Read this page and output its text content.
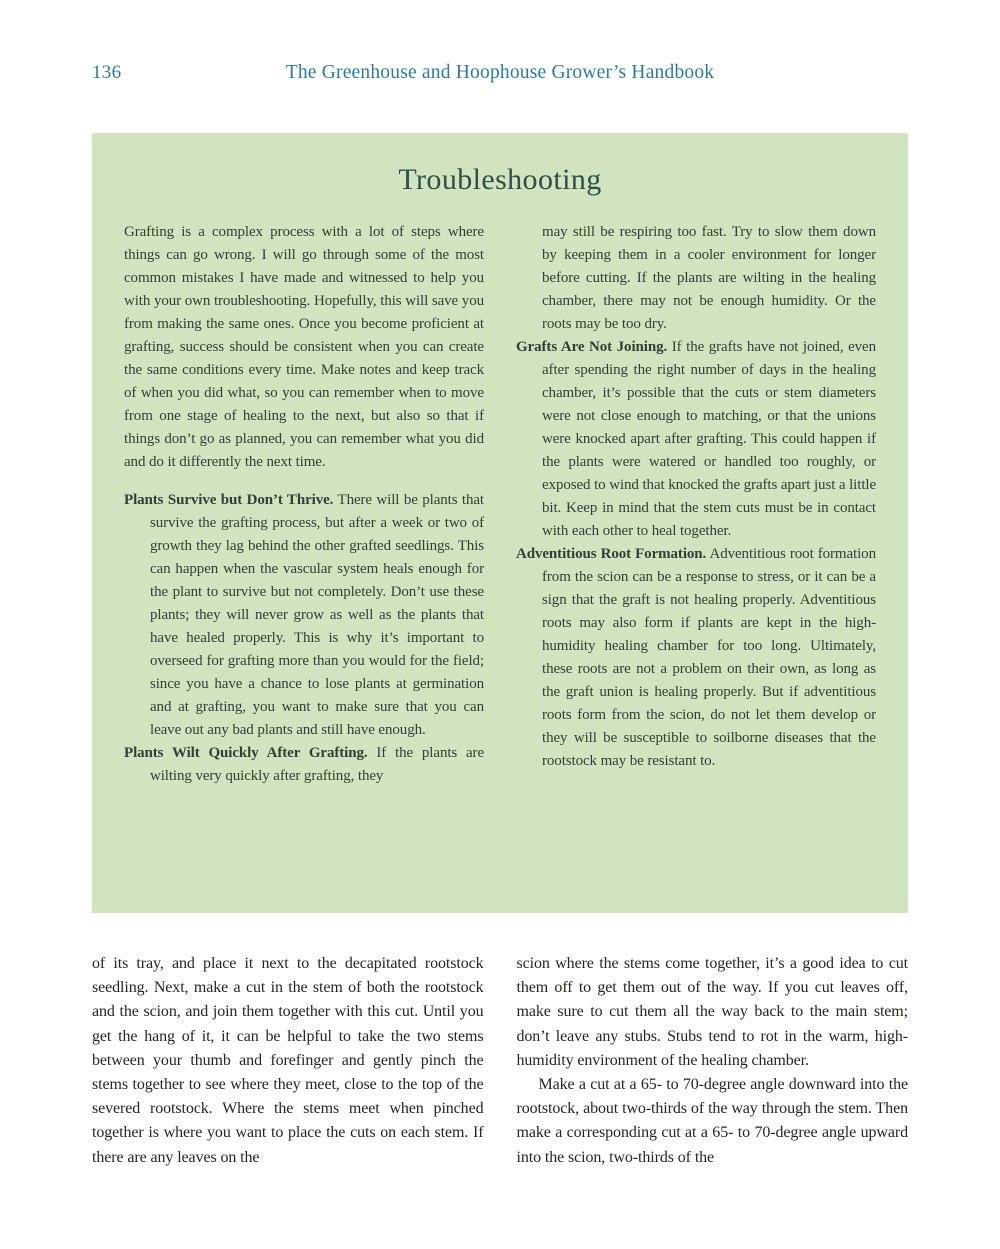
136	The Greenhouse and Hoophouse Grower’s Handbook
Troubleshooting

Grafting is a complex process with a lot of steps where things can go wrong. I will go through some of the most common mistakes I have made and witnessed to help you with your own troubleshooting. Hopefully, this will save you from making the same ones. Once you become proficient at grafting, success should be consistent when you can create the same conditions every time. Make notes and keep track of when you did what, so you can remember when to move from one stage of healing to the next, but also so that if things don’t go as planned, you can remember what you did and do it differently the next time.

Plants Survive but Don’t Thrive. There will be plants that survive the grafting process, but after a week or two of growth they lag behind the other grafted seedlings. This can happen when the vascular system heals enough for the plant to survive but not completely. Don’t use these plants; they will never grow as well as the plants that have healed properly. This is why it’s important to overseed for grafting more than you would for the field; since you have a chance to lose plants at germination and at grafting, you want to make sure that you can leave out any bad plants and still have enough.

Plants Wilt Quickly After Grafting. If the plants are wilting very quickly after grafting, they

may still be respiring too fast. Try to slow them down by keeping them in a cooler environment for longer before cutting. If the plants are wilting in the healing chamber, there may not be enough humidity. Or the roots may be too dry.

Grafts Are Not Joining. If the grafts have not joined, even after spending the right number of days in the healing chamber, it’s possible that the cuts or stem diameters were not close enough to matching, or that the unions were knocked apart after grafting. This could happen if the plants were watered or handled too roughly, or exposed to wind that knocked the grafts apart just a little bit. Keep in mind that the stem cuts must be in contact with each other to heal together.

Adventitious Root Formation. Adventitious root formation from the scion can be a response to stress, or it can be a sign that the graft is not healing properly. Adventitious roots may also form if plants are kept in the high-humidity healing chamber for too long. Ultimately, these roots are not a problem on their own, as long as the graft union is healing properly. But if adventitious roots form from the scion, do not let them develop or they will be susceptible to soilborne diseases that the rootstock may be resistant to.

of its tray, and place it next to the decapitated rootstock seedling. Next, make a cut in the stem of both the rootstock and the scion, and join them together with this cut. Until you get the hang of it, it can be helpful to take the two stems between your thumb and forefinger and gently pinch the stems together to see where they meet, close to the top of the severed rootstock. Where the stems meet when pinched together is where you want to place the cuts on each stem. If there are any leaves on the

scion where the stems come together, it’s a good idea to cut them off to get them out of the way. If you cut leaves off, make sure to cut them all the way back to the main stem; don’t leave any stubs. Stubs tend to rot in the warm, high-humidity environment of the healing chamber.

Make a cut at a 65- to 70-degree angle downward into the rootstock, about two-thirds of the way through the stem. Then make a corresponding cut at a 65- to 70-degree angle upward into the scion, two-thirds of the
